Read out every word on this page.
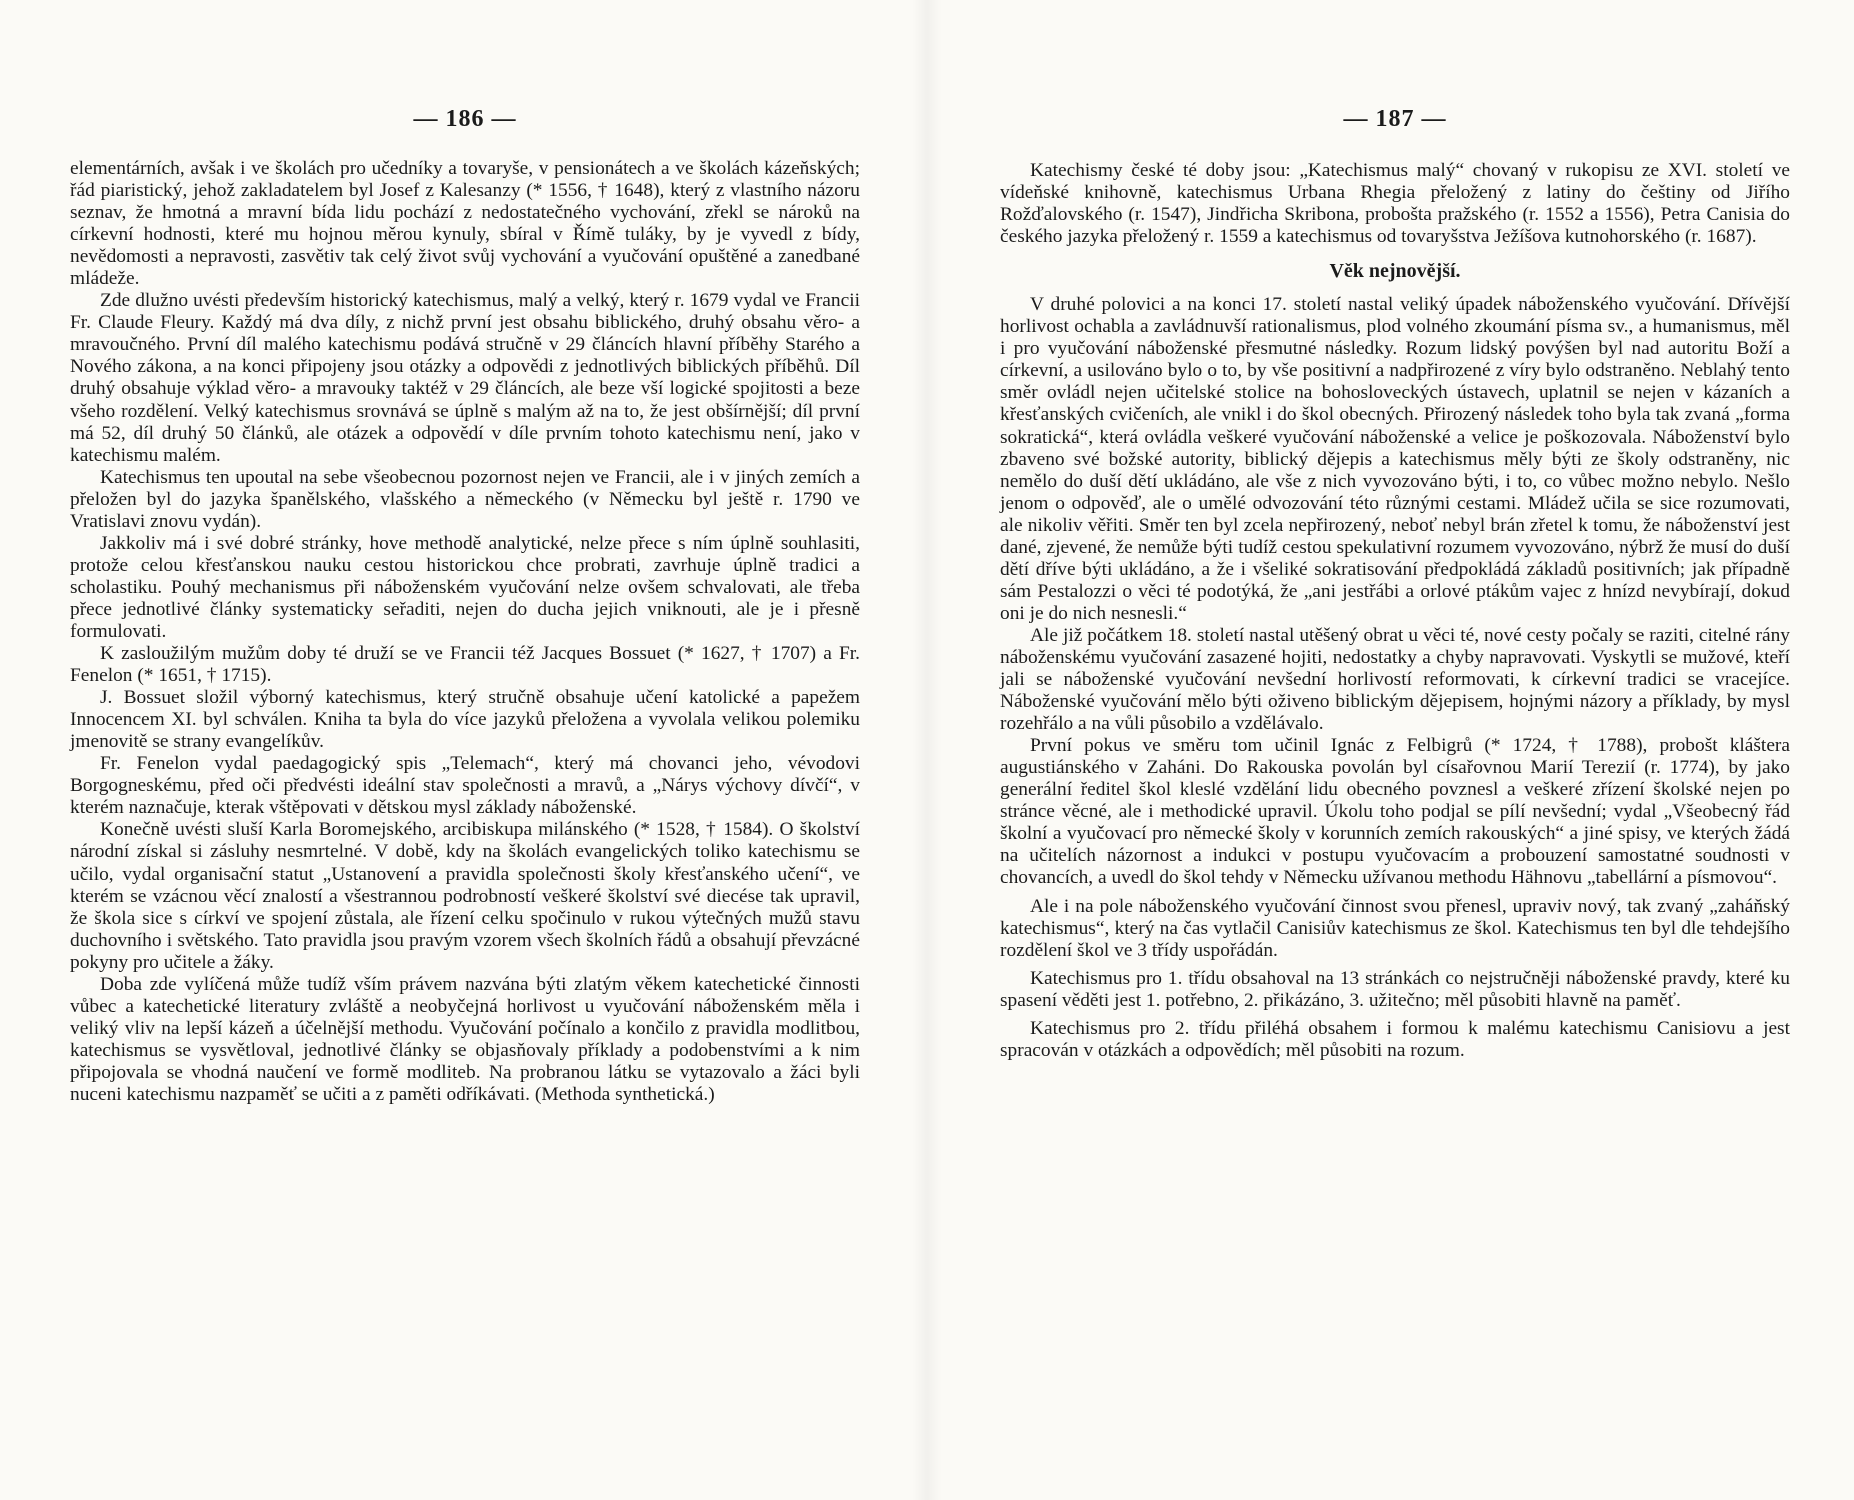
— 186 —

elementárních, avšak i ve školách pro učedníky a tovaryše, v pensionátech a ve školách kázeňských; řád piaristický, jehož zakladatelem byl Josef z Kalesanzy (* 1556, † 1648), který z vlastního názoru seznav, že hmotná a mravní bída lidu pochází z nedostatečného vychování, zřekl se nároků na církevní hodnosti, které mu hojnou měrou kynuly, sbíral v Římě tuláky, by je vyvedl z bídy, nevědomosti a nepravosti, zasvětiv tak celý život svůj vychování a vyučování opuštěné a zanedbané mládeže.

Zde dlužno uvésti především historický katechismus, malý a velký, který r. 1679 vydal ve Francii Fr. Claude Fleury. Každý má dva díly, z nichž první jest obsahu biblického, druhý obsahu věro- a mravoučného. První díl malého katechismu podává stručně v 29 článcích hlavní příběhy Starého a Nového zákona, a na konci připojeny jsou otázky a odpovědi z jednotlivých biblických příběhů. Díl druhý obsahuje výklad věro- a mravouky taktéž v 29 článcích, ale beze vší logické spojitosti a beze všeho rozdělení. Velký katechismus srovnává se úplně s malým až na to, že jest obšírnější; díl první má 52, díl druhý 50 článků, ale otázek a odpovědí v díle prvním tohoto katechismu není, jako v katechismu malém.

Katechismus ten upoutal na sebe všeobecnou pozornost nejen ve Francii, ale i v jiných zemích a přeložen byl do jazyka španělského, vlašského a německého (v Německu byl ještě r. 1790 ve Vratislavi znovu vydán).

Jakkoliv má i své dobré stránky, hove methodě analytické, nelze přece s ním úplně souhlasiti, protože celou křesťanskou nauku cestou historickou chce probrati, zavrhuje úplně tradici a scholastiku. Pouhý mechanismus při náboženském vyučování nelze ovšem schvalovati, ale třeba přece jednotlivé články systematicky seřaditi, nejen do ducha jejich vniknouti, ale je i přesně formulovati.

K zasloužilým mužům doby té druží se ve Francii též Jacques Bossuet (* 1627, † 1707) a Fr. Fenelon (* 1651, † 1715).

J. Bossuet složil výborný katechismus, který stručně obsahuje učení katolické a papežem Innocencem XI. byl schválen. Kniha ta byla do více jazyků přeložena a vyvolala velikou polemiku jmenovitě se strany evangelíkův.

Fr. Fenelon vydal paedagogický spis „Telemach“, který má chovanci jeho, vévodovi Borgogneskému, před oči předvésti ideální stav společnosti a mravů, a „Nárys výchovy dívčí“, v kterém naznačuje, kterak vštěpovati v dětskou mysl základy náboženské.

Konečně uvésti sluší Karla Boromejského, arcibiskupa milánského (* 1528, † 1584). O školství národní získal si zásluhy nesmrtelné. V době, kdy na školách evangelických toliko katechismu se učilo, vydal organisační statut „Ustanovení a pravidla společnosti školy křesťanského učení“, ve kterém se vzácnou věcí znalostí a všestrannou podrobností veškeré školství své diecése tak upravil, že škola sice s církví ve spojení zůstala, ale řízení celku spočinulo v rukou výtečných mužů stavu duchovního i světského. Tato pravidla jsou pravým vzorem všech školních řádů a obsahují převzácné pokyny pro učitele a žáky.

Doba zde vylíčená může tudíž vším právem nazvána býti zlatým věkem katechetické činnosti vůbec a katechetické literatury zvláště a neobyčejná horlivost u vyučování náboženském měla i veliký vliv na lepší kázeň a účelnější methodu. Vyučování počínalo a končilo z pravidla modlitbou, katechismus se vysvětloval, jednotlivé články se objasňovaly příklady a podobenstvími a k nim připojovala se vhodná naučení ve formě modliteb. Na probranou látku se vytazovalo a žáci byli nuceni katechismu nazpaměť se učiti a z paměti odříkávati. (Methoda synthetická.)

— 187 —

Katechismy české té doby jsou: „Katechismus malý“ chovaný v rukopisu ze XVI. století ve vídeňské knihovně, katechismus Urbana Rhegia přeložený z latiny do češtiny od Jiřího Rožďalovského (r. 1547), Jindřicha Skribona, probošta pražského (r. 1552 a 1556), Petra Canisia do českého jazyka přeložený r. 1559 a katechismus od tovaryšstva Ježíšova kutnohorského (r. 1687).

Věk nejnovější.

V druhé polovici a na konci 17. století nastal veliký úpadek náboženského vyučování. Dřívější horlivost ochabla a zavládnuvší rationalismus, plod volného zkoumání písma sv., a humanismus, měl i pro vyučování náboženské přesmutné následky. Rozum lidský povýšen byl nad autoritu Boží a církevní, a usilováno bylo o to, by vše positivní a nadpřirozené z víry bylo odstraněno. Neblahý tento směr ovládl nejen učitelské stolice na bohosloveckých ústavech, uplatnil se nejen v kázaních a křesťanských cvičeních, ale vnikl i do škol obecných. Přirozený následek toho byla tak zvaná „forma sokratická“, která ovládla veškeré vyučování náboženské a velice je poškozovala. Náboženství bylo zbaveno své božské autority, biblický dějepis a katechismus měly býti ze školy odstraněny, nic nemělo do duší dětí ukládáno, ale vše z nich vyvozováno býti, i to, co vůbec možno nebylo. Nešlo jenom o odpověď, ale o umělé odvozování této různými cestami. Mládež učila se sice rozumovati, ale nikoliv věřiti. Směr ten byl zcela nepřirozený, neboť nebyl brán zřetel k tomu, že náboženství jest dané, zjevené, že nemůže býti tudíž cestou spekulativní rozumem vyvozováno, nýbrž že musí do duší dětí dříve býti ukládáno, a že i všeliké sokratisování předpokládá základů positivních; jak případně sám Pestalozzi o věci té podotýká, že „ani jestřábi a orlové ptákům vajec z hnízd nevybírají, dokud oni je do nich nesnesli.“

Ale již počátkem 18. století nastal utěšený obrat u věci té, nové cesty počaly se raziti, citelné rány náboženskému vyučování zasazené hojiti, nedostatky a chyby napravovati. Vyskytli se mužové, kteří jali se náboženské vyučování nevšední horlivostí reformovati, k církevní tradici se vracejíce. Náboženské vyučování mělo býti oživeno biblickým dějepisem, hojnými názory a příklady, by mysl rozehřálo a na vůli působilo a vzdělávalo.

První pokus ve směru tom učinil Ignác z Felbigrů (* 1724, † 1788), probošt kláštera augustiánského v Zaháni. Do Rakouska povolán byl císařovnou Marií Terezií (r. 1774), by jako generální ředitel škol kleslé vzdělání lidu obecného povznesl a veškeré zřízení školské nejen po stránce věcné, ale i methodické upravil. Úkolu toho podjal se pílí nevšední; vydal „Všeobecný řád školní a vyučovací pro německé školy v korunních zemích rakouských“ a jiné spisy, ve kterých žádá na učitelích názornost a indukci v postupu vyučovacím a probouzení samostatné soudnosti v chovancích, a uvedl do škol tehdy v Německu užívanou methodu Hähnovu „tabellární a písmovou“.

Ale i na pole náboženského vyučování činnost svou přenesl, upraviv nový, tak zvaný „zaháňský katechismus“, který na čas vytlačil Canisiův katechismus ze škol. Katechismus ten byl dle tehdejšího rozdělení škol ve 3 třídy uspořádán.

Katechismus pro 1. třídu obsahoval na 13 stránkách co nejstručněji náboženské pravdy, které ku spasení věděti jest 1. potřebno, 2. přikázáno, 3. užitečno; měl působiti hlavně na paměť.

Katechismus pro 2. třídu přiléhá obsahem i formou k malému katechismu Canisiovu a jest spracován v otázkách a odpovědích; měl působiti na rozum.
